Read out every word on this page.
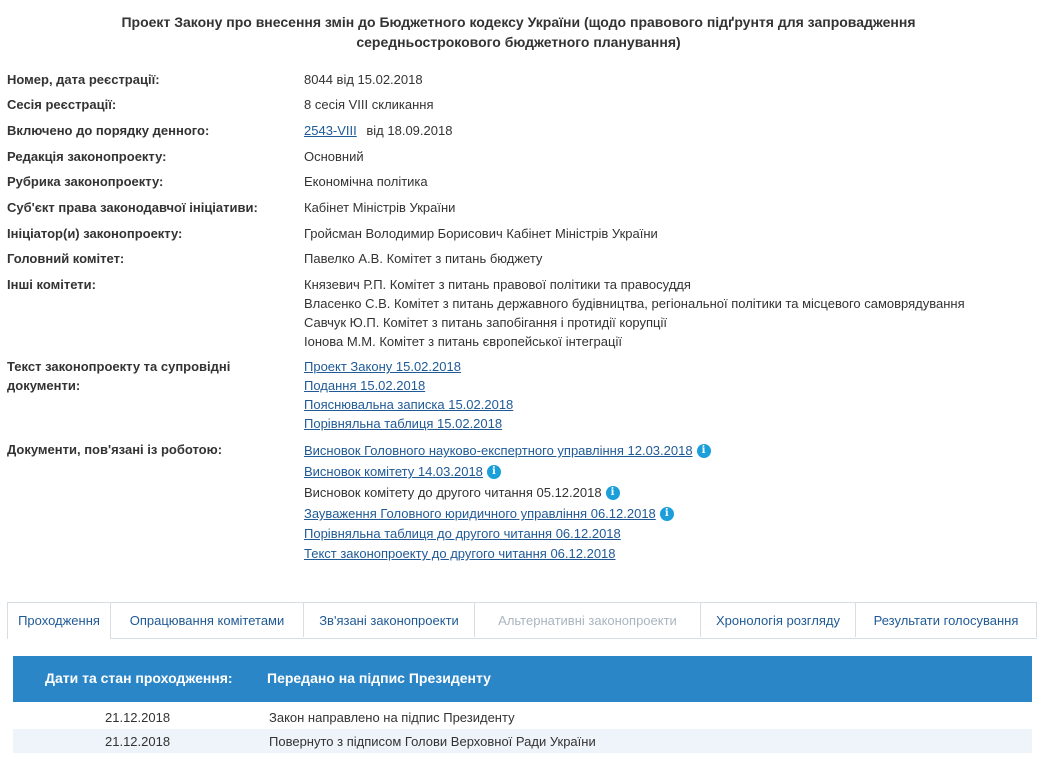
Проект Закону про внесення змін до Бюджетного кодексу України (щодо правового підґрунтя для запровадження
середньострокового бюджетного планування)
Номер, дата реєстрації:	8044 від 15.02.2018
Сесія реєстрації:	8 сесія VIII скликання
Включено до порядку денного:	2543-VIII від 18.09.2018
Редакція законопроекту:	Основний
Рубрика законопроекту:	Економічна політика
Суб'єкт права законодавчої ініціативи:	Кабінет Міністрів України
Ініціатор(и) законопроекту:	Гройсман Володимир Борисович Кабінет Міністрів України
Головний комітет:	Павелко А.В. Комітет з питань бюджету
Інші комітети:	Князевич Р.П. Комітет з питань правової політики та правосуддя
Власенко С.В. Комітет з питань державного будівництва, регіональної політики та місцевого самоврядування
Савчук Ю.П. Комітет з питань запобігання і протидії корупції
Іонова М.М. Комітет з питань європейської інтеграції
Текст законопроекту та супровідні
документи:
Проект Закону 15.02.2018
Подання 15.02.2018
Пояснювальна записка 15.02.2018
Порівняльна таблиця 15.02.2018
Документи, пов'язані із роботою:	Висновок Головного науково-експертного управління 12.03.2018 i
Висновок комітету 14.03.2018 i
Висновок комітету до другого читання 05.12.2018 i
Зауваження Головного юридичного управління 06.12.2018 i
Порівняльна таблиця до другого читання 06.12.2018
Текст законопроекту до другого читання 06.12.2018
Проходження	Опрацювання комітетами	Зв'язані законопроекти	Альтернативні законопроекти	Хронологія розгляду	Результати голосування
Дати та стан проходження: Передано на підпис Президенту
21.12.2018	Закон направлено на підпис Президенту
21.12.2018	Повернуто з підписом Голови Верховної Ради України
